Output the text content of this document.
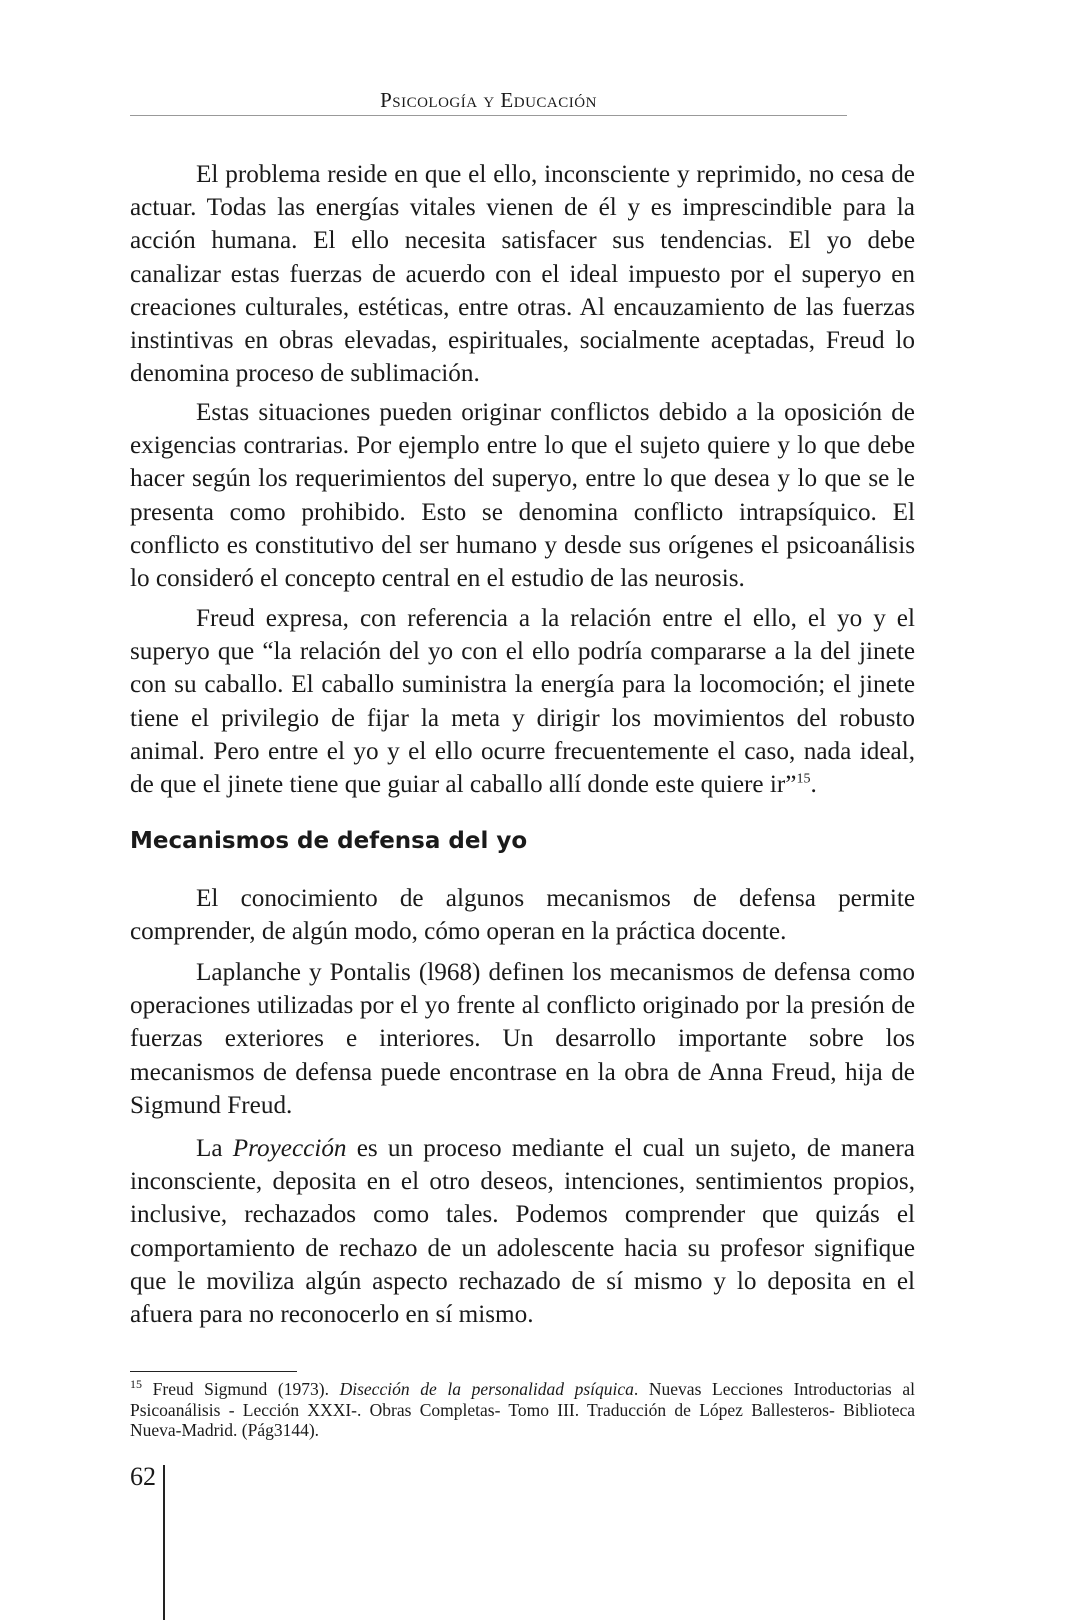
Psicología y Educación

El problema reside en que el ello, inconsciente y reprimido, no cesa de actuar. Todas las energías vitales vienen de él y es imprescindible para la acción humana. El ello necesita satisfacer sus tendencias. El yo debe canalizar estas fuerzas de acuerdo con el ideal impuesto por el superyo en creaciones culturales, estéticas, entre otras. Al encauzamiento de las fuerzas instintivas en obras elevadas, espirituales, socialmente aceptadas, Freud lo denomina proceso de sublimación.

Estas situaciones pueden originar conflictos debido a la oposición de exigencias contrarias. Por ejemplo entre lo que el sujeto quiere y lo que debe hacer según los requerimientos del superyo, entre lo que desea y lo que se le presenta como prohibido. Esto se denomina conflicto intrapsíquico. El conflicto es constitutivo del ser humano y desde sus orígenes el psicoanálisis lo consideró el concepto central en el estudio de las neurosis.

Freud expresa, con referencia a la relación entre el ello, el yo y el superyo que “la relación del yo con el ello podría compararse a la del jinete con su caballo. El caballo suministra la energía para la locomoción; el jinete tiene el privilegio de fijar la meta y dirigir los movimientos del robusto animal. Pero entre el yo y el ello ocurre frecuentemente el caso, nada ideal, de que el jinete tiene que guiar al caballo allí donde este quiere ir”$^{15}$.

Mecanismos de defensa del yo

El conocimiento de algunos mecanismos de defensa permite comprender, de algún modo, cómo operan en la práctica docente.

Laplanche y Pontalis (l968) definen los mecanismos de defensa como operaciones utilizadas por el yo frente al conflicto originado por la presión de fuerzas exteriores e interiores. Un desarrollo importante sobre los mecanismos de defensa puede encontrase en la obra de Anna Freud, hija de Sigmund Freud.

La Proyección es un proceso mediante el cual un sujeto, de manera inconsciente, deposita en el otro deseos, intenciones, sentimientos propios, inclusive, rechazados como tales. Podemos comprender que quizás el comportamiento de rechazo de un adolescente hacia su profesor signifique que le moviliza algún aspecto rechazado de sí mismo y lo deposita en el afuera para no reconocerlo en sí mismo.

$^{15}$ Freud Sigmund (1973). Disección de la personalidad psíquica. Nuevas Lecciones Introductorias al Psicoanálisis - Lección XXXI-. Obras Completas- Tomo III. Traducción de López Ballesteros- Biblioteca Nueva-Madrid. (Pág3144).

62
